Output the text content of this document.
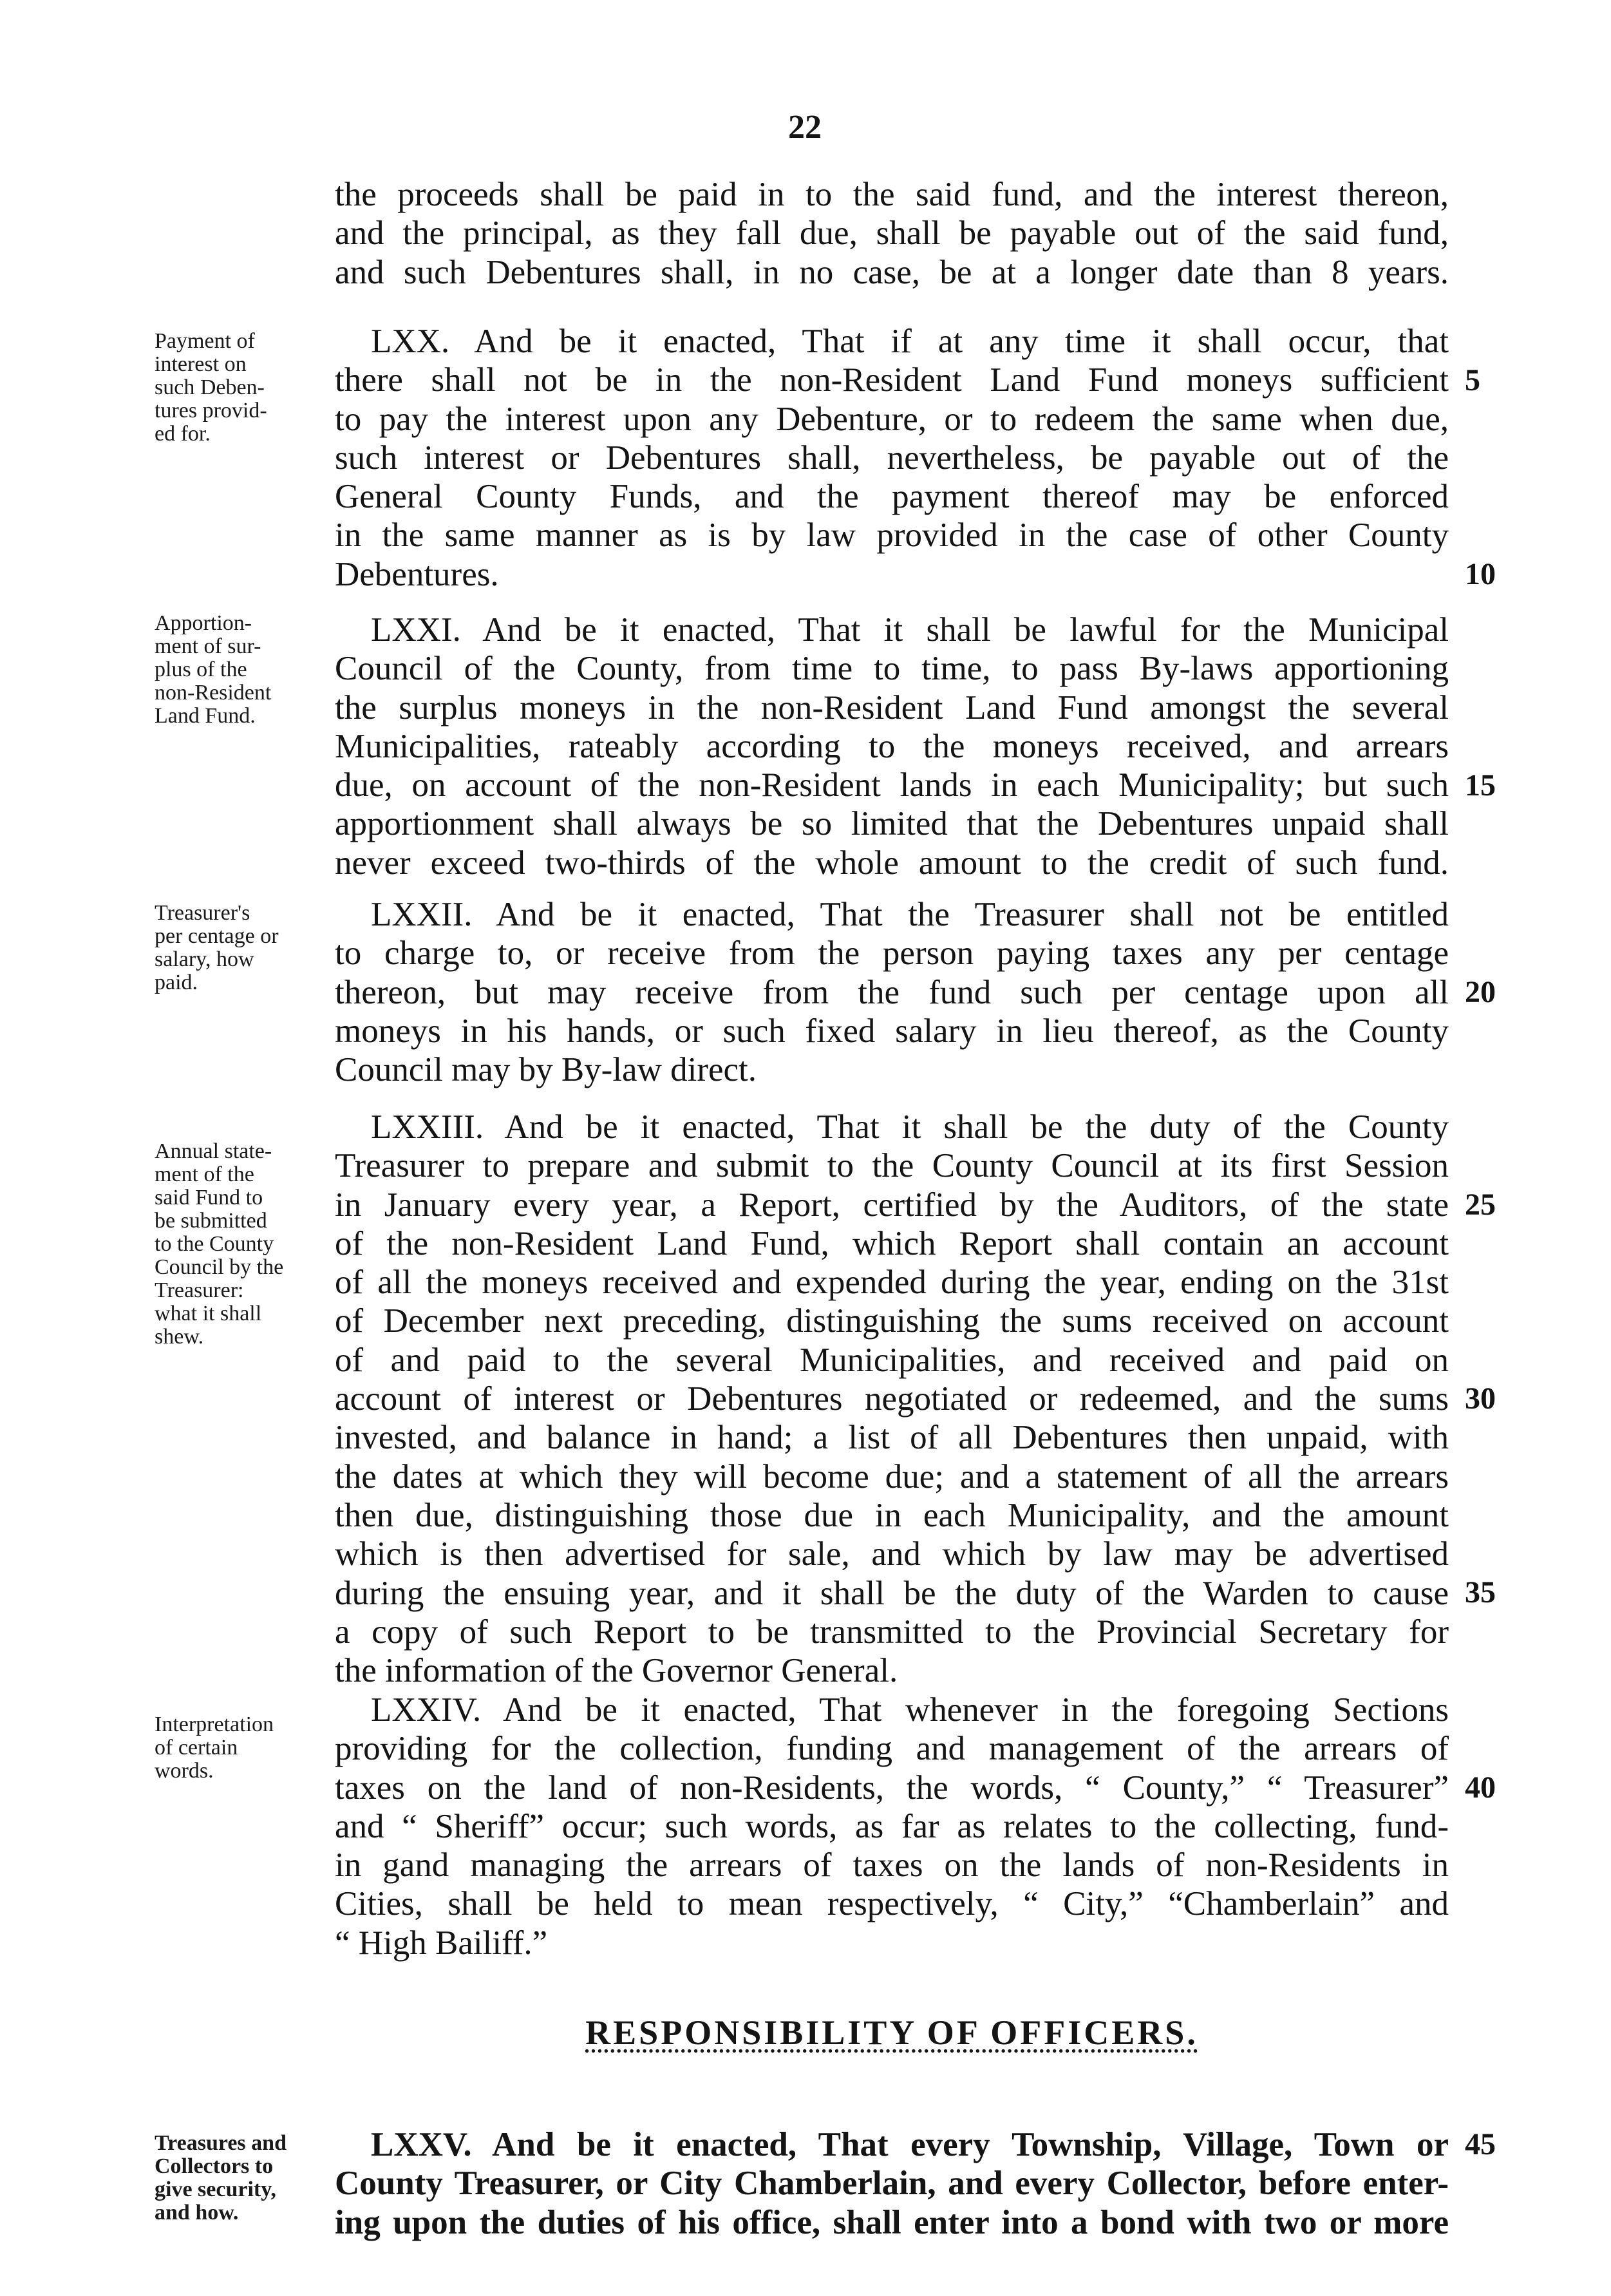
22
the proceeds shall be paid in to the said fund, and the interest thereon,
and the principal, as they fall due, shall be payable out of the said fund,
and such Debentures shall, in no case, be at a longer date than 8 years.
Payment of
interest on
such Deben-
tures provid-
ed for.
LXX. And be it enacted, That if at any time it shall occur, that
there shall not be in the non-Resident Land Fund moneys sufficient
to pay the interest upon any Debenture, or to redeem the same when due,
such interest or Debentures shall, nevertheless, be payable out of the
General County Funds, and the payment thereof may be enforced
in the same manner as is by law provided in the case of other County
Debentures.
Apportion-
ment of sur-
plus of the
non-Resident
Land Fund.
LXXI. And be it enacted, That it shall be lawful for the Municipal
Council of the County, from time to time, to pass By-laws apportioning
the surplus moneys in the non-Resident Land Fund amongst the several
Municipalities, rateably according to the moneys received, and arrears
due, on account of the non-Resident lands in each Municipality; but such
apportionment shall always be so limited that the Debentures unpaid shall
never exceed two-thirds of the whole amount to the credit of such fund.
Treasurer's
per centage or
salary, how
paid.
LXXII. And be it enacted, That the Treasurer shall not be entitled
to charge to, or receive from the person paying taxes any per centage
thereon, but may receive from the fund such per centage upon all
moneys in his hands, or such fixed salary in lieu thereof, as the County
Council may by By-law direct.
Annual state-
ment of the
said Fund to
be submitted
to the County
Council by the
Treasurer:
what it shall
shew.
LXXIII. And be it enacted, That it shall be the duty of the County
Treasurer to prepare and submit to the County Council at its first Session
in January every year, a Report, certified by the Auditors, of the state
of the non-Resident Land Fund, which Report shall contain an account
of all the moneys received and expended during the year, ending on the 31st
of December next preceding, distinguishing the sums received on account
of and paid to the several Municipalities, and received and paid on
account of interest or Debentures negotiated or redeemed, and the sums
invested, and balance in hand; a list of all Debentures then unpaid, with
the dates at which they will become due; and a statement of all the arrears
then due, distinguishing those due in each Municipality, and the amount
which is then advertised for sale, and which by law may be advertised
during the ensuing year, and it shall be the duty of the Warden to cause
a copy of such Report to be transmitted to the Provincial Secretary for
the information of the Governor General.
Interpretation
of certain
words.
LXXIV. And be it enacted, That whenever in the foregoing Sections
providing for the collection, funding and management of the arrears of
taxes on the land of non-Residents, the words, “ County,” “ Treasurer”
and “ Sheriff” occur; such words, as far as relates to the collecting, fund-
in gand managing the arrears of taxes on the lands of non-Residents in
Cities, shall be held to mean respectively, “ City,” “Chamberlain” and
“ High Bailiff.”
RESPONSIBILITY OF OFFICERS.
Treasures and
Collectors to
give security,
and how.
LXXV. And be it enacted, That every Township, Village, Town or
County Treasurer, or City Chamberlain, and every Collector, before enter-
ing upon the duties of his office, shall enter into a bond with two or more
5
10
15
20
25
30
35
40
45
